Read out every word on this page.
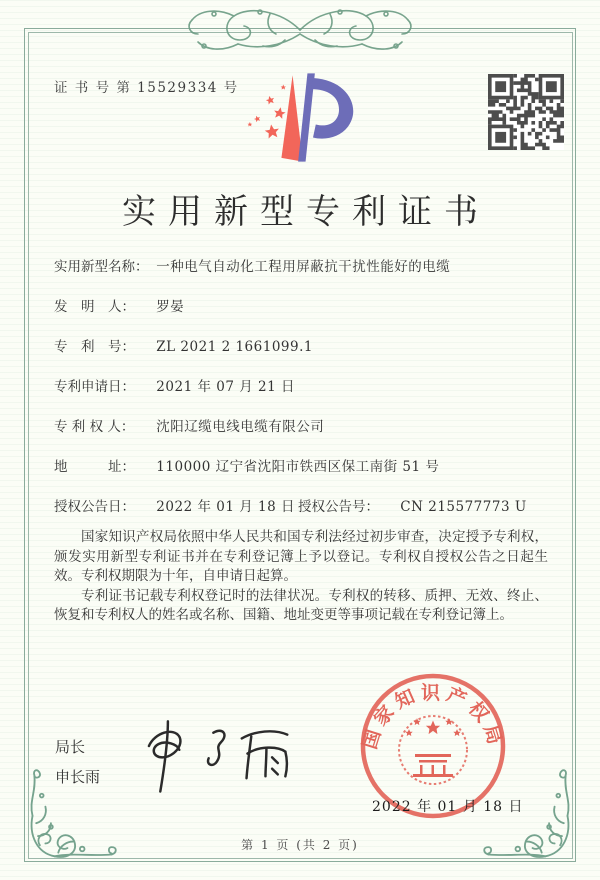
证 书 号 第 15529334 号
实用新型专利证书
实用新型名称： 一种电气自动化工程用屏蔽抗干扰性能好的电缆
发　明　人： 罗晏
专　利　号： ZL 2021 2 1661099.1
专利申请日： 2021 年 07 月 21 日
专 利 权 人： 沈阳辽缆电线电缆有限公司
地　　　址： 110000 辽宁省沈阳市铁西区保工南街 51 号
授权公告日： 2022 年 01 月 18 日 授权公告号： CN 215577773 U

国家知识产权局依照中华人民共和国专利法经过初步审查，决定授予专利权，颁发实用新型专利证书并在专利登记簿上予以登记。专利权自授权公告之日起生效。专利权期限为十年，自申请日起算。

专利证书记载专利权登记时的法律状况。专利权的转移、质押、无效、终止、恢复和专利权人的姓名或名称、国籍、地址变更等事项记载在专利登记簿上。

局长
申长雨
国家知识产权局
2022 年 01 月 18 日
第 1 页 (共 2 页)
